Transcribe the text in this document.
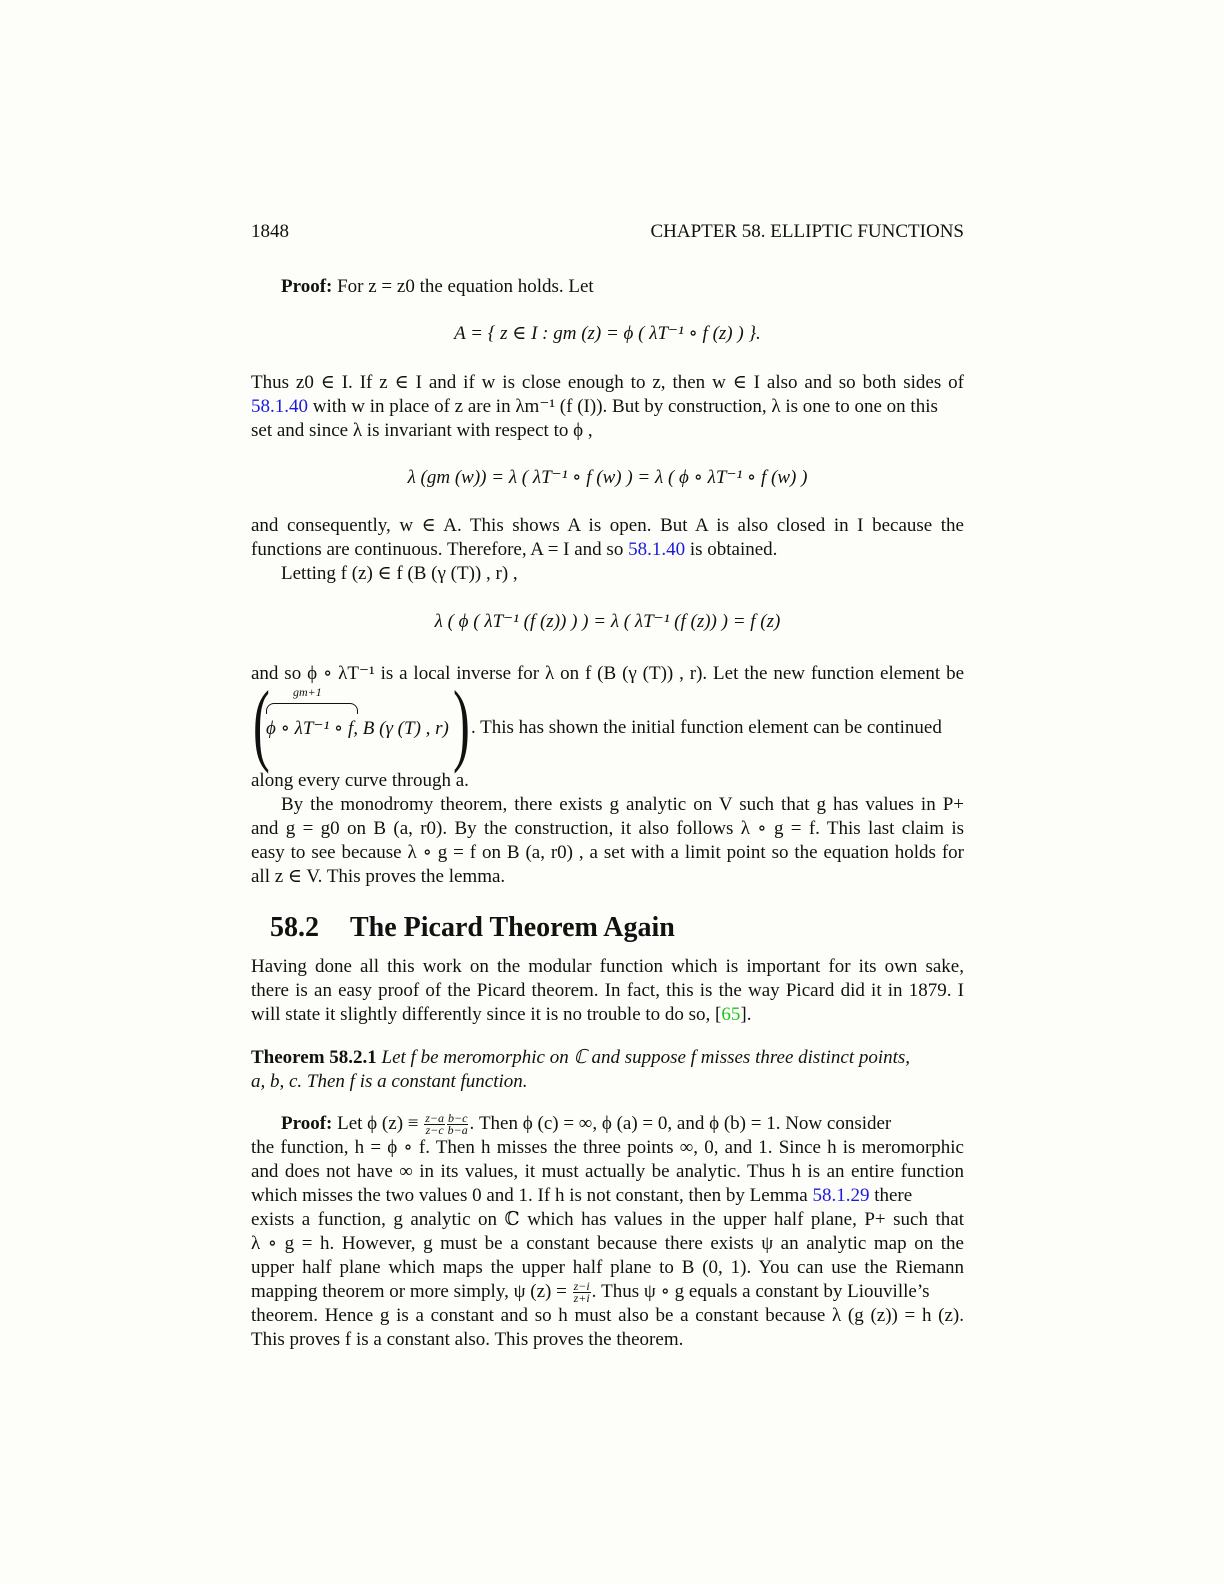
1848	CHAPTER 58. ELLIPTIC FUNCTIONS
Proof: For z = z0 the equation holds. Let
A = { z ∈ I : gm (z) = ϕ ( λT⁻¹ ∘ f (z) ) }.
Thus z0 ∈ I. If z ∈ I and if w is close enough to z, then w ∈ I also and so both sides of
58.1.40 with w in place of z are in λm⁻¹ (f (I)). But by construction, λ is one to one on this
set and since λ is invariant with respect to ϕ ,
λ (gm (w)) = λ ( λT⁻¹ ∘ f (w) ) = λ ( ϕ ∘ λT⁻¹ ∘ f (w) )
and consequently, w ∈ A. This shows A is open. But A is also closed in I because the
functions are continuous. Therefore, A = I and so 58.1.40 is obtained.
Letting f (z) ∈ f (B (γ (T)) , r) ,
λ ( ϕ ( λT⁻¹ (f (z)) ) ) = λ ( λT⁻¹ (f (z)) ) = f (z)
and so ϕ ∘ λT⁻¹ is a local inverse for λ on f (B (γ (T)) , r). Let the new function element be
( )
gm+1
ϕ ∘ λT⁻¹ ∘ f, B (γ (T) , r) . This has shown the initial function element can be continued
along every curve through a.
By the monodromy theorem, there exists g analytic on V such that g has values in P+
and g = g0 on B (a, r0). By the construction, it also follows λ ∘ g = f. This last claim is
easy to see because λ ∘ g = f on B (a, r0) , a set with a limit point so the equation holds for
all z ∈ V. This proves the lemma.
58.2 The Picard Theorem Again
Having done all this work on the modular function which is important for its own sake,
there is an easy proof of the Picard theorem. In fact, this is the way Picard did it in 1879. I
will state it slightly differently since it is no trouble to do so, [65].
Theorem 58.2.1 Let f be meromorphic on ℂ and suppose f misses three distinct points,
a, b, c. Then f is a constant function.
Proof: Let ϕ $(z) \equiv \frac{z-a}{z-c} \frac{b-c}{b-a}$ . Then ϕ (c) = ∞, ϕ (a) = 0, and ϕ (b) = 1. Now consider
the function, h = ϕ ∘ f. Then h misses the three points ∞, 0, and 1. Since h is meromorphic
and does not have ∞ in its values, it must actually be analytic. Thus h is an entire function
which misses the two values 0 and 1. If h is not constant, then by Lemma 58.1.29 there
exists a function, g analytic on ℂ which has values in the upper half plane, P+ such that
λ ∘ g = h. However, g must be a constant because there exists ψ an analytic map on the
upper half plane which maps the upper half plane to B (0, 1). You can use the Riemann
mapping theorem or more simply, ψ $(z) = \frac{z-i}{z+i}$ . Thus ψ ∘ g equals a constant by Liouville’s
theorem. Hence g is a constant and so h must also be a constant because λ (g (z)) = h (z).
This proves f is a constant also. This proves the theorem.
